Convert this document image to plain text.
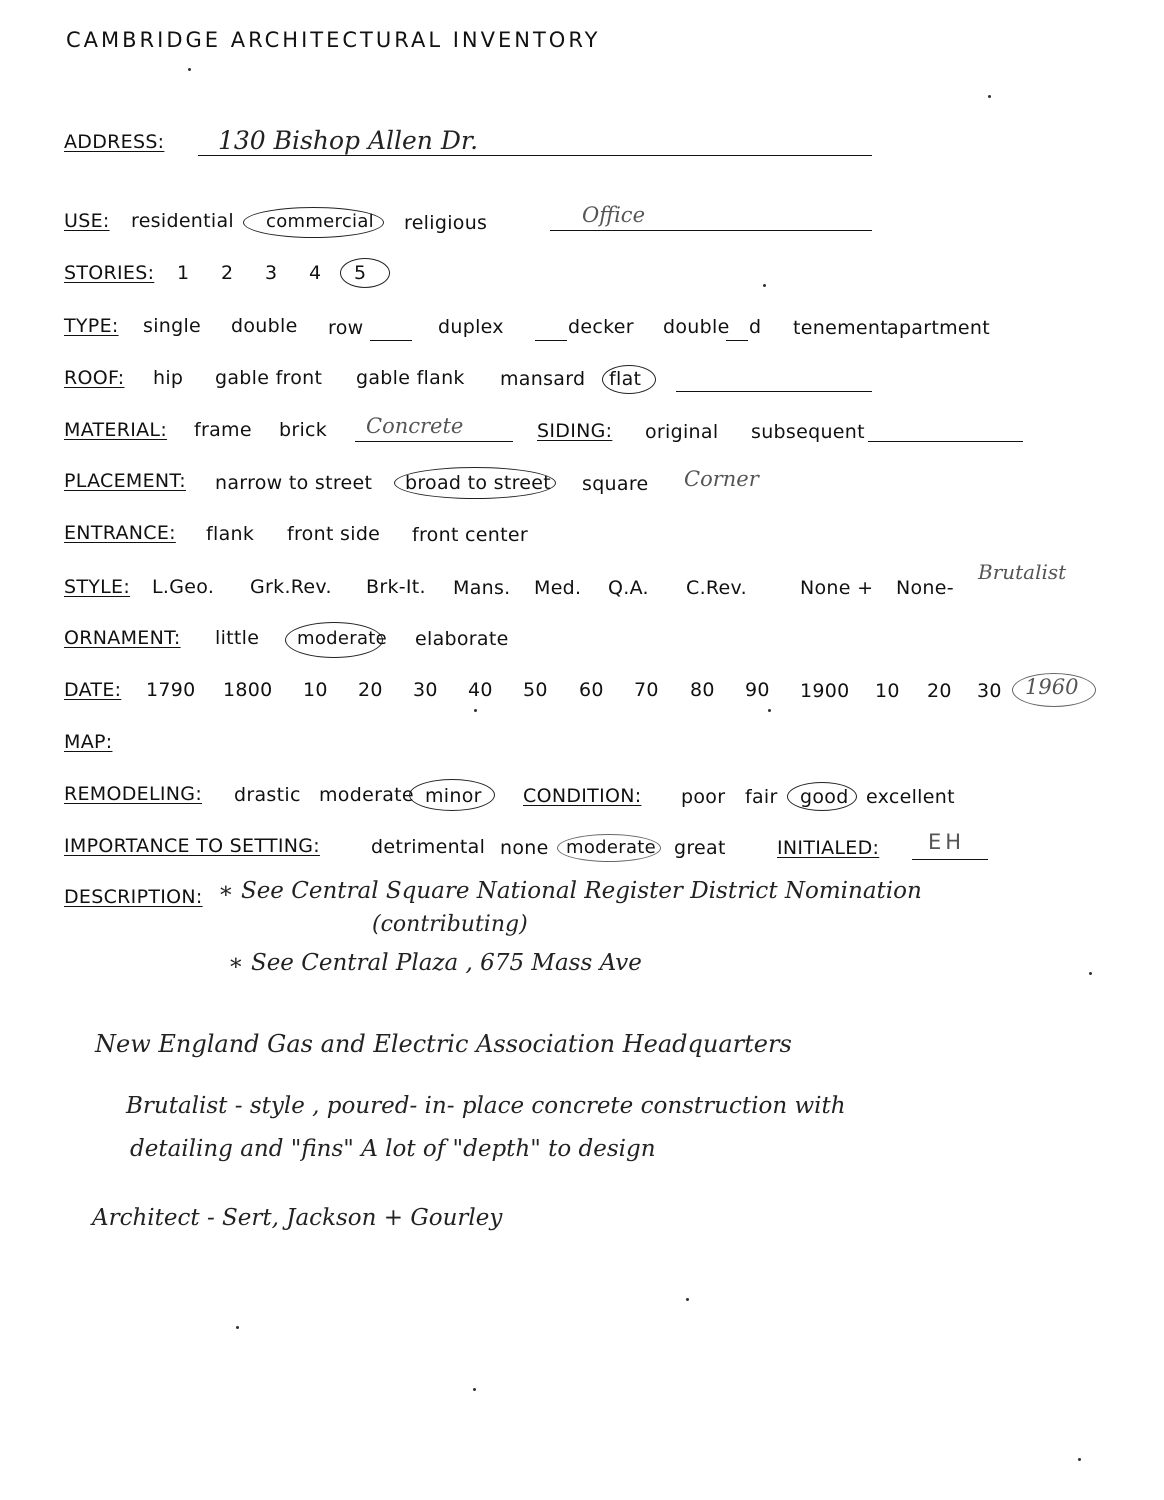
CAMBRIDGE ARCHITECTURAL INVENTORY
ADDRESS: 130 Bishop Allen Dr.
USE: residential commercial religious	Office
STORIES: 1 2 3 4 5
TYPE: single double row	duplex	decker double d tenement apartment
ROOF: hip gable front gable flank mansard flat
MATERIAL: frame brick Concrete	SIDING: original subsequent
PLACEMENT: narrow to street broad to street square Corner
ENTRANCE: flank front side front center
STYLE: L.Geo. Grk.Rev. Brk-It. Mans. Med. Q.A. C.Rev.	None + None-
Brutalist
ORNAMENT: little moderate elaborate
DATE: 1790 1800 10 20 30 40 50 60 70 80 90 1900 10 20 30 1960
MAP:
REMODELING: drastic moderate minor CONDITION: poor fair good excellent
IMPORTANCE TO SETTING:	detrimental none moderate great	INITIALED: EH
DESCRIPTION: ∗ See Central Square National Register District Nomination
(contributing)
∗ See Central Plaza , 675 Mass Ave
New England Gas and Electric Association Headquarters
Brutalist - style , poured- in- place concrete construction with
detailing and "fins" A lot of "depth" to design
Architect - Sert, Jackson + Gourley
